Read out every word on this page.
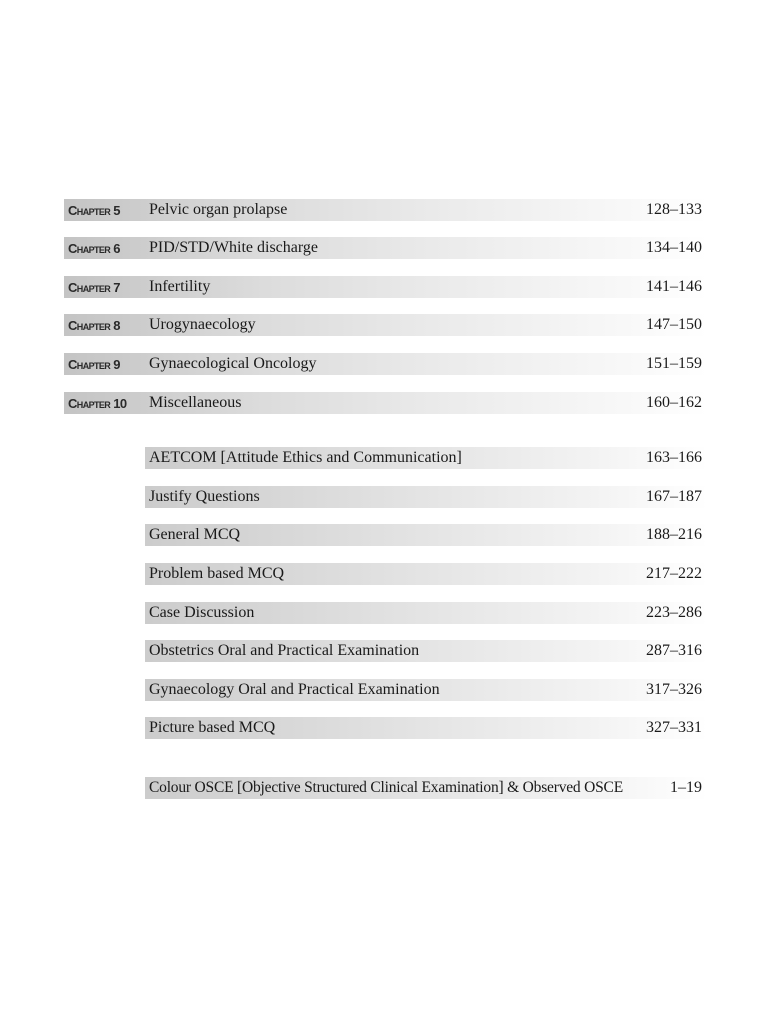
Chapter 5	Pelvic organ prolapse	128–133
Chapter 6	PID/STD/White discharge	134–140
Chapter 7	Infertility	141–146
Chapter 8	Urogynaecology	147–150
Chapter 9	Gynaecological Oncology	151–159
Chapter 10	Miscellaneous	160–162
AETCOM [Attitude Ethics and Communication]	163–166
Justify Questions	167–187
General MCQ	188–216
Problem based MCQ	217–222
Case Discussion	223–286
Obstetrics Oral and Practical Examination	287–316
Gynaecology Oral and Practical Examination	317–326
Picture based MCQ	327–331
Colour OSCE [Objective Structured Clinical Examination] & Observed OSCE	1–19
